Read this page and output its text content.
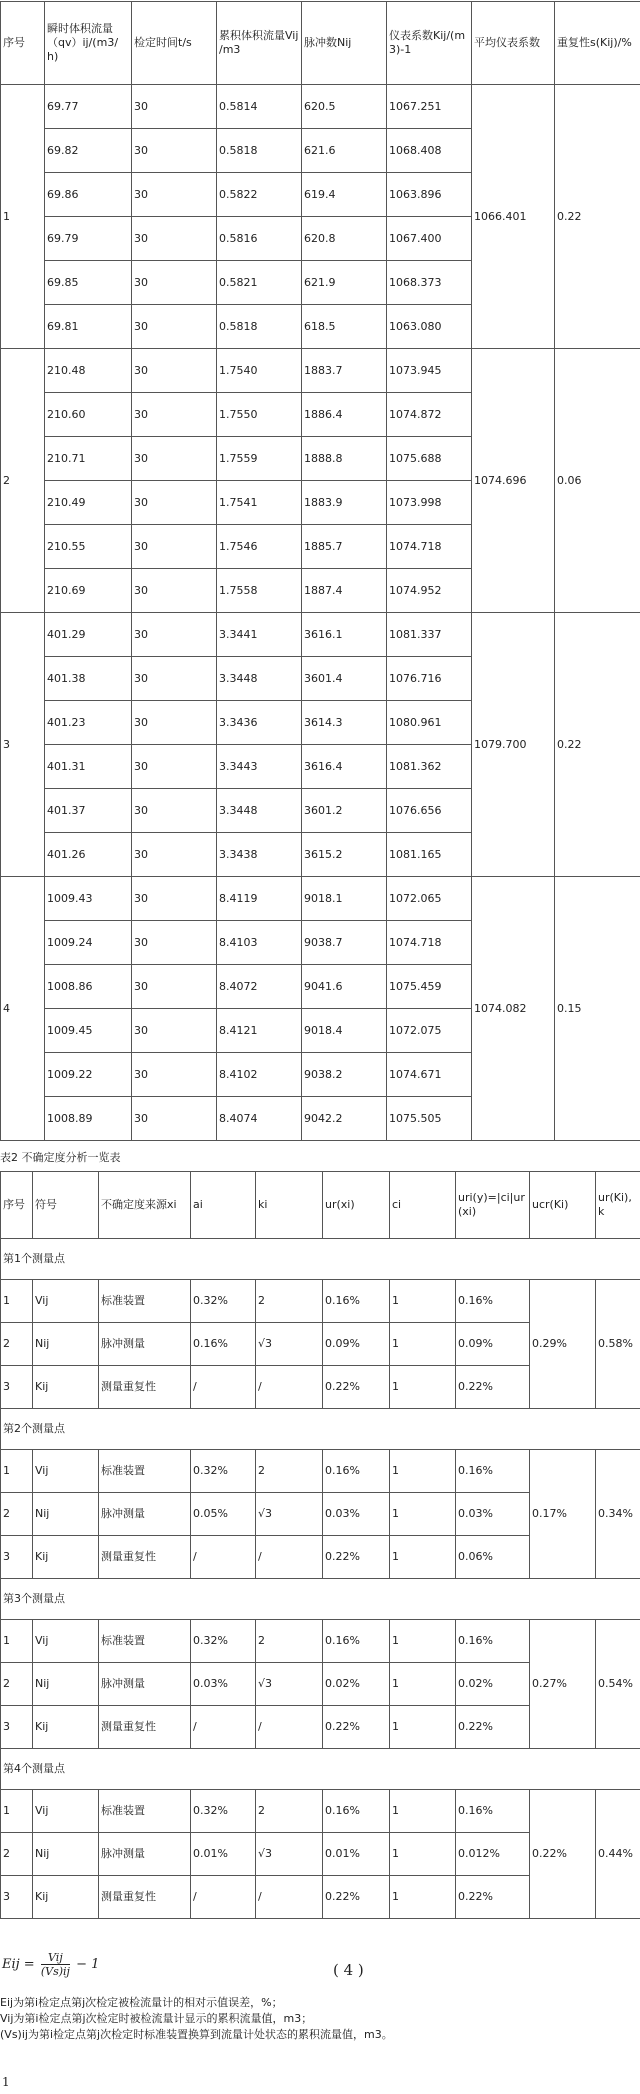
序号	瞬时体积流量（qv）ij/(m3/h)	检定时间t/s	累积体积流量Vij /m3	脉冲数Nij	仪表系数Kij/(m3)-1	平均仪表系数	重复性s(Kij)/%
1	69.77	30	0.5814	620.5	1067.251	1066.401	0.22
	69.82	30	0.5818	621.6	1068.408		
	69.86	30	0.5822	619.4	1063.896		
	69.79	30	0.5816	620.8	1067.400		
	69.85	30	0.5821	621.9	1068.373		
	69.81	30	0.5818	618.5	1063.080		
2	210.48	30	1.7540	1883.7	1073.945	1074.696	0.06
	210.60	30	1.7550	1886.4	1074.872		
	210.71	30	1.7559	1888.8	1075.688		
	210.49	30	1.7541	1883.9	1073.998		
	210.55	30	1.7546	1885.7	1074.718		
	210.69	30	1.7558	1887.4	1074.952		
3	401.29	30	3.3441	3616.1	1081.337	1079.700	0.22
	401.38	30	3.3448	3601.4	1076.716		
	401.23	30	3.3436	3614.3	1080.961		
	401.31	30	3.3443	3616.4	1081.362		
	401.37	30	3.3448	3601.2	1076.656		
	401.26	30	3.3438	3615.2	1081.165		
4	1009.43	30	8.4119	9018.1	1072.065	1074.082	0.15
	1009.24	30	8.4103	9038.7	1074.718		
	1008.86	30	8.4072	9041.6	1075.459		
	1009.45	30	8.4121	9018.4	1072.075		
	1009.22	30	8.4102	9038.2	1074.671		
	1008.89	30	8.4074	9042.2	1075.505		
表2 不确定度分析一览表
序号	符号	不确定度来源xi	ai	ki	ur(xi)	ci	uri(y)=|ci|ur(xi)	ucr(Ki)	ur(Ki), k
第1个测量点									
1	Vij	标准装置	0.32%	2	0.16%	1	0.16%	0.29%	0.58%
2	Nij	脉冲测量	0.16%	√3	0.09%	1	0.09%		
3	Kij	测量重复性	/	/	0.22%	1	0.22%		
第2个测量点									
1	Vij	标准装置	0.32%	2	0.16%	1	0.16%	0.17%	0.34%
2	Nij	脉冲测量	0.05%	√3	0.03%	1	0.03%		
3	Kij	测量重复性	/	/	0.22%	1	0.06%		
第3个测量点									
1	Vij	标准装置	0.32%	2	0.16%	1	0.16%	0.27%	0.54%
2	Nij	脉冲测量	0.03%	√3	0.02%	1	0.02%		
3	Kij	测量重复性	/	/	0.22%	1	0.22%		
第4个测量点									
1	Vij	标准装置	0.32%	2	0.16%	1	0.16%	0.22%	0.44%
2	Nij	脉冲测量	0.01%	√3	0.01%	1	0.012%		
3	Kij	测量重复性	/	/	0.22%	1	0.22%		
Eij = $\frac{\text{Vij}}{(Vs)ij} - 1$	( 4 )
Eij为第i检定点第j次检定被检流量计的相对示值误差，%；
Vij为第i检定点第j次检定时被检流量计显示的累积流量值，m3；
(Vs)ij为第i检定点第j次检定时标准装置换算到流量计处状态的累积流量值，m3。
1
